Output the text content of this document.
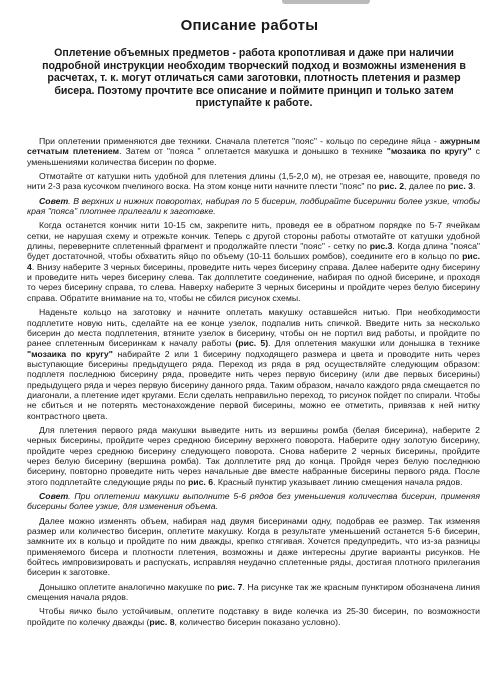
Описание работы
Оплетение объемных предметов - работа кропотливая и даже при наличии подробной инструкции необходим творческий подход и возможны изменения в расчетах, т. к. могут отличаться сами заготовки, плотность плетения и размер бисера. Поэтому прочтите все описание и поймите принцип и только затем приступайте к работе.

При оплетении применяются две техники. Сначала плетется "пояс" - кольцо по середине яйца - ажурным сетчатым плетением. Затем от "пояса " оплетается макушка и донышко в технике "мозаика по кругу" с уменьшениями количества бисерин по форме.

Отмотайте от катушки нить удобной для плетения длины (1,5-2,0 м), не отрезая ее, навощите, проведя по нити 2-3 раза кусочком пчелиного воска. На этом конце нити начните плести "пояс" по рис. 2, далее по рис. 3.

Совет. В верхних и нижних поворотах, набирая по 5 бисерин, подбирайте бисеринки более узкие, чтобы края "пояса" плотнее прилегали к заготовке.

Когда останется кончик нити 10-15 см, закрепите нить, проведя ее в обратном порядке по 5-7 ячейкам сетки, не нарушая схему и отрежьте кончик. Теперь с другой стороны работы отмотайте от катушки удобной длины, переверните сплетенный фрагмент и продолжайте плести "пояс" - сетку по рис.3. Когда длина "пояса" будет достаточной, чтобы обхватить яйцо по объему (10-11 больших ромбов), соедините его в кольцо по рис. 4. Внизу наберите 3 черных бисерины, проведите нить через бисерину справа. Далее наберите одну бисерину и проведите нить через бисерину слева. Так долплетите соединение, набирая по одной бисерине, и проходя то через бисерину справа, то слева. Наверху наберите 3 черных бисерины и пройдите через белую бисерину справа. Обратите внимание на то, чтобы не сбился рисунок схемы.

Наденьте кольцо на заготовку и начните оплетать макушку оставшейся нитью. При необходимости подплетите новую нить, сделайте на ее конце узелок, подпалив нить спичкой. Введите нить за несколько бисерин до места подплетения, втяните узелок в бисерину, чтобы он не портил вид работы, и пройдите по ранее сплетенным бисеринкам к началу работы (рис. 5). Для оплетения макушки или донышка в технике "мозаика по кругу" набирайте 2 или 1 бисерину подходящего размера и цвета и проводите нить через выступающие бисерины предыдущего ряда. Переход из ряда в ряд осуществляйте следующим образом: подплетя последнюю бисерину ряда, проведите нить через первую бисерину (или две первых бисерины) предыдущего ряда и через первую бисерину данного ряда. Таким образом, начало каждого ряда смещается по диагонали, а плетение идет кругами. Если сделать неправильно переход, то рисунок пойдет по спирали. Чтобы не сбиться и не потерять местонахождение первой бисерины, можно ее отметить, привязав к ней нитку контрастного цвета.

Для плетения первого ряда макушки выведите нить из вершины ромба (белая бисерина), наберите 2 черных бисерины, пройдите через среднюю бисерину верхнего поворота. Наберите одну золотую бисерину, пройдите через среднюю бисерину следующего поворота. Снова наберите 2 черных бисерины, пройдите через белую бисерину (вершина ромба). Так долплетите ряд до конца. Пройдя через белую последнюю бисерину, повторно проведите нить через начальные две вместе набранные бисерины первого ряда. После этого подплетайте следующие ряды по рис. 6. Красный пунктир указывает линию смещения начала рядов.

Совет. При оплетении макушки выполните 5-6 рядов без уменьшения количества бисерин, применяя бисерины более узкие, для изменения объема.

Далее можно изменять объем, набирая над двумя бисеринами одну, подобрав ее размер. Так изменяя размер или количество бисерин, оплетите макушку. Когда в результате уменьшений останется 5-6 бисерин, замкните их в кольцо и пройдите по ним дважды, крепко стягивая. Хочется предупредить, что из-за разницы применяемого бисера и плотности плетения, возможны и даже интересны другие варианты рисунков. Не бойтесь импровизировать и распускать, исправляя неудачно сплетенные ряды, достигая плотного прилегания бисерин к заготовке.

Донышко оплетите аналогично макушке по рис. 7. На рисунке так же красным пунктиром обозначена линия смещения начала рядов.

Чтобы яичко было устойчивым, оплетите подставку в виде колечка из 25-30 бисерин, по возможности пройдите по колечку дважды (рис. 8, количество бисерин показано условно).
